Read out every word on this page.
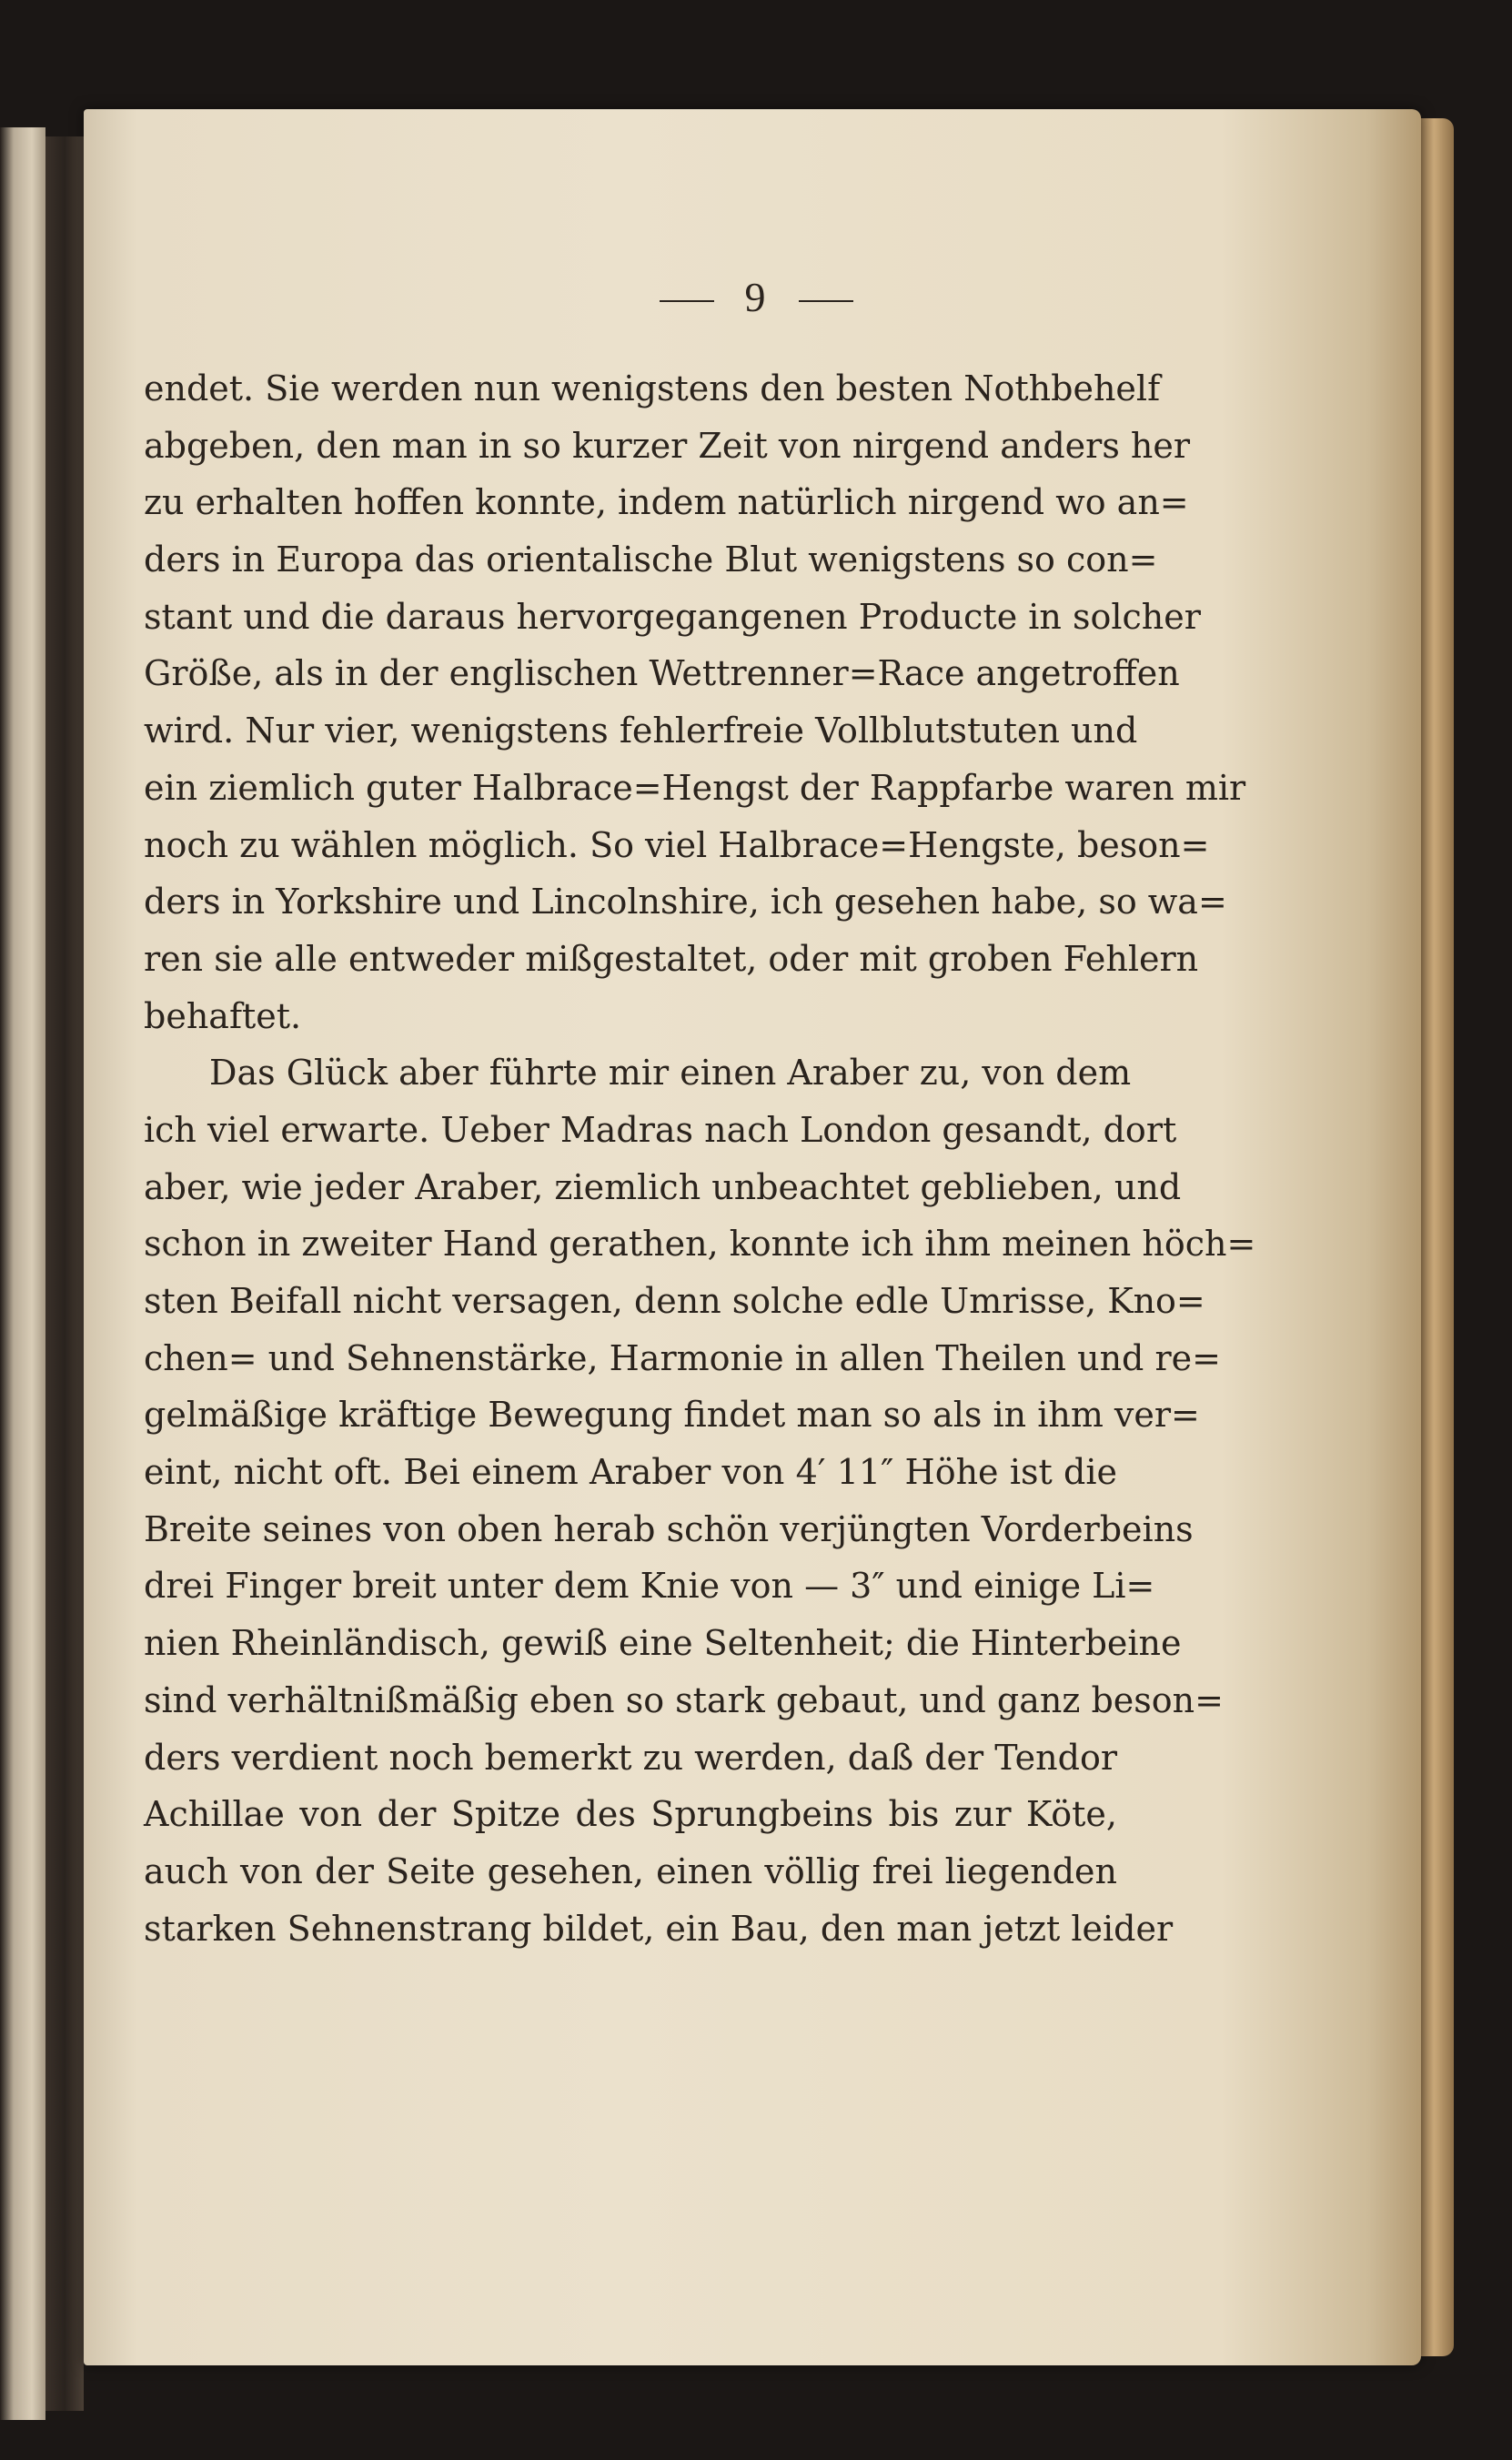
9
endet. Sie werden nun wenigstens den besten Nothbehelf
abgeben, den man in so kurzer Zeit von nirgend anders her
zu erhalten hoffen konnte, indem natürlich nirgend wo an=
ders in Europa das orientalische Blut wenigstens so con=
stant und die daraus hervorgegangenen Producte in solcher
Größe, als in der englischen Wettrenner=Race angetroffen
wird. Nur vier, wenigstens fehlerfreie Vollblutstuten und
ein ziemlich guter Halbrace=Hengst der Rappfarbe waren mir
noch zu wählen möglich. So viel Halbrace=Hengste, beson=
ders in Yorkshire und Lincolnshire, ich gesehen habe, so wa=
ren sie alle entweder mißgestaltet, oder mit groben Fehlern
behaftet.
Das Glück aber führte mir einen Araber zu, von dem
ich viel erwarte. Ueber Madras nach London gesandt, dort
aber, wie jeder Araber, ziemlich unbeachtet geblieben, und
schon in zweiter Hand gerathen, konnte ich ihm meinen höch=
sten Beifall nicht versagen, denn solche edle Umrisse, Kno=
chen= und Sehnenstärke, Harmonie in allen Theilen und re=
gelmäßige kräftige Bewegung findet man so als in ihm ver=
eint, nicht oft. Bei einem Araber von 4′ 11″ Höhe ist die
Breite seines von oben herab schön verjüngten Vorderbeins
drei Finger breit unter dem Knie von — 3″ und einige Li=
nien Rheinländisch, gewiß eine Seltenheit; die Hinterbeine
sind verhältnißmäßig eben so stark gebaut, und ganz beson=
ders verdient noch bemerkt zu werden, daß der Tendor
Achillae von der Spitze des Sprungbeins bis zur Köte,
auch von der Seite gesehen, einen völlig frei liegenden
starken Sehnenstrang bildet, ein Bau, den man jetzt leider
